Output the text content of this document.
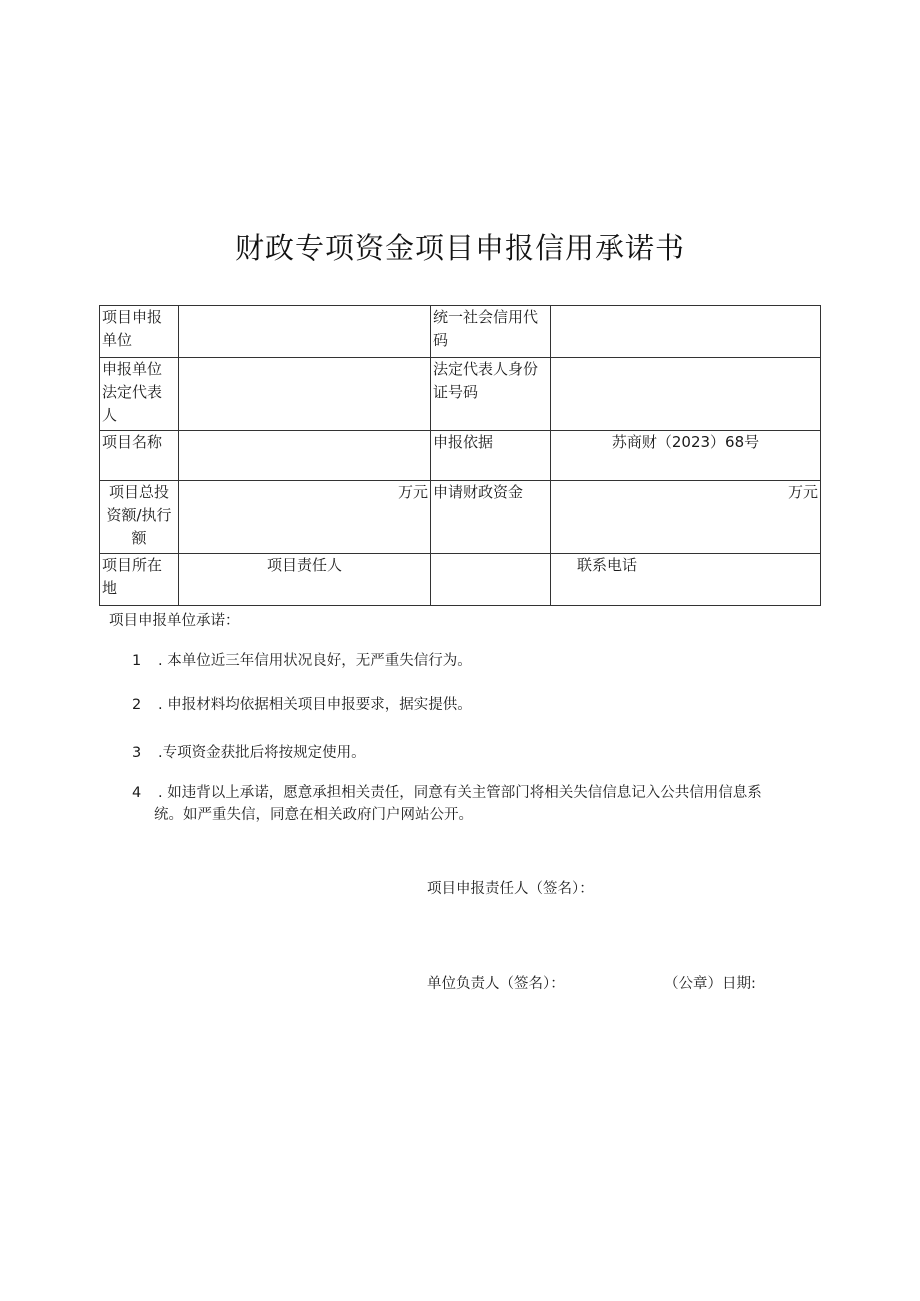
财政专项资金项目申报信用承诺书
项目申报单位		统一社会信用代码	
申报单位法定代表人		法定代表人身份证号码	
项目名称		申报依据	苏商财（2023）68号
项目总投资额/执行额	万元	申请财政资金	万元
项目所在地	项目责任人		联系电话
项目申报单位承诺：
1 . 本单位近三年信用状况良好，无严重失信行为。
2 . 申报材料均依据相关项目申报要求，据实提供。
3 .专项资金获批后将按规定使用。
4 . 如违背以上承诺，愿意承担相关责任，同意有关主管部门将相关失信信息记入公共信用信息系
统。如严重失信，同意在相关政府门户网站公开。
项目申报责任人（签名）：
单位负责人（签名）：	（公章）日期:
